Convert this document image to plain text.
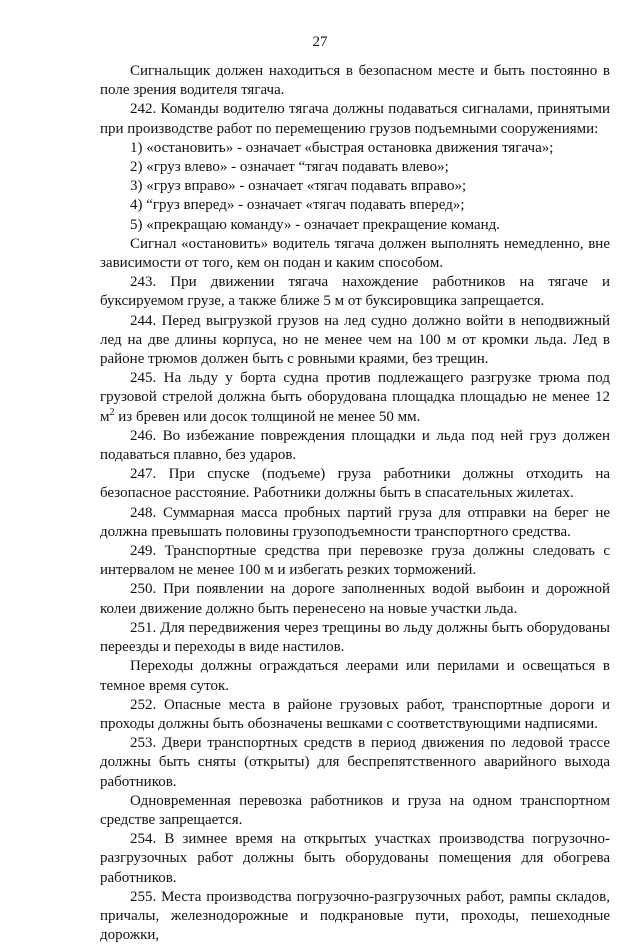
27

Сигнальщик должен находиться в безопасном месте и быть постоянно в поле зрения водителя тягача.

242. Команды водителю тягача должны подаваться сигналами, принятыми при производстве работ по перемещению грузов подъемными сооружениями:

1) «остановить» - означает «быстрая остановка движения тягача»;

2) «груз влево» - означает “тягач подавать влево»;

3) «груз вправо» - означает «тягач подавать вправо»;

4) “груз вперед» - означает «тягач подавать вперед»;

5) «прекращаю команду» - означает прекращение команд.

Сигнал «остановить» водитель тягача должен выполнять немедленно, вне зависимости от того, кем он подан и каким способом.

243. При движении тягача нахождение работников на тягаче и буксируемом грузе, а также ближе 5 м от буксировщика запрещается.

244. Перед выгрузкой грузов на лед судно должно войти в неподвижный лед на две длины корпуса, но не менее чем на 100 м от кромки льда. Лед в районе трюмов должен быть с ровными краями, без трещин.

245. На льду у борта судна против подлежащего разгрузке трюма под грузовой стрелой должна быть оборудована площадка площадью не менее 12 $м^2$ из бревен или досок толщиной не менее 50 мм.

246. Во избежание повреждения площадки и льда под ней груз должен подаваться плавно, без ударов.

247. При спуске (подъеме) груза работники должны отходить на безопасное расстояние. Работники должны быть в спасательных жилетах.

248. Суммарная масса пробных партий груза для отправки на берег не должна превышать половины грузоподъемности транспортного средства.

249. Транспортные средства при перевозке груза должны следовать с интервалом не менее 100 м и избегать резких торможений.

250. При появлении на дороге заполненных водой выбоин и дорожной колеи движение должно быть перенесено на новые участки льда.

251. Для передвижения через трещины во льду должны быть оборудованы переезды и переходы в виде настилов.

Переходы должны ограждаться леерами или перилами и освещаться в темное время суток.

252. Опасные места в районе грузовых работ, транспортные дороги и проходы должны быть обозначены вешками с соответствующими надписями.

253. Двери транспортных средств в период движения по ледовой трассе должны быть сняты (открыты) для беспрепятственного аварийного выхода работников.

Одновременная перевозка работников и груза на одном транспортном средстве запрещается.

254. В зимнее время на открытых участках производства погрузочно-разгрузочных работ должны быть оборудованы помещения для обогрева работников.

255. Места производства погрузочно-разгрузочных работ, рампы складов, причалы, железнодорожные и подкрановые пути, проходы, пешеходные дорожки,
